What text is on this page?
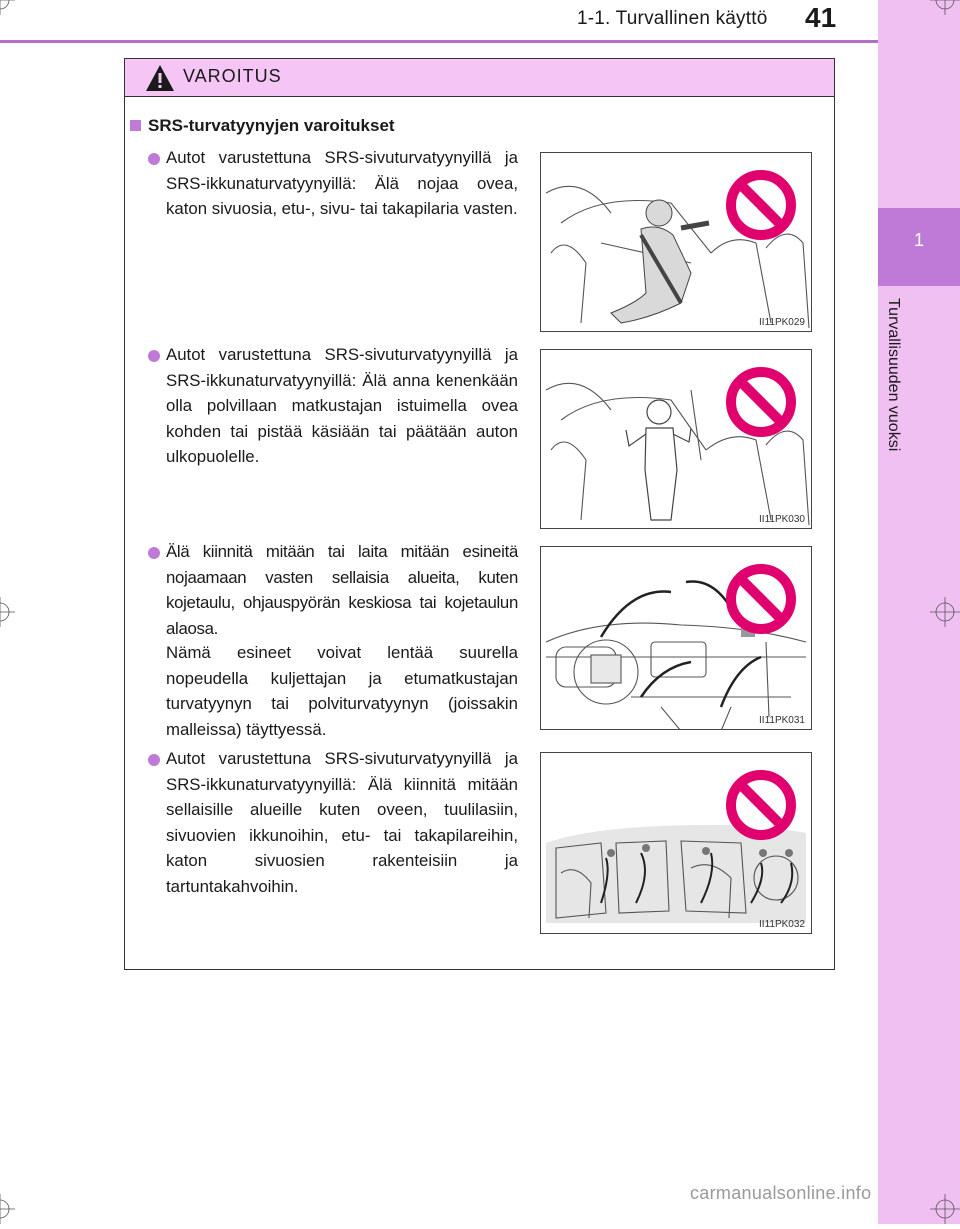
1
Turvallisuuden vuoksi
1-1. Turvallinen käyttö 41
VAROITUS
SRS-turvatyynyjen varoitukset
Autot varustettuna SRS-sivuturvatyynyillä ja SRS-ikkunaturvatyynyillä: Älä nojaa ovea, katon sivuosia, etu-, sivu- tai takapilaria vasten.
Autot varustettuna SRS-sivuturvatyynyillä ja SRS-ikkunaturvatyynyillä: Älä anna kenenkään olla polvillaan matkustajan istuimella ovea kohden tai pistää käsiään tai päätään auton ulkopuolelle.
Älä kiinnitä mitään tai laita mitään esineitä nojaamaan vasten sellaisia alueita, kuten kojetaulu, ohjauspyörän keskiosa tai kojetaulun alaosa.
Nämä esineet voivat lentää suurella nopeudella kuljettajan ja etumatkustajan turvatyynyn tai polviturvatyynyn (joissakin malleissa) täyttyessä.
Autot varustettuna SRS-sivuturvatyynyillä ja SRS-ikkunaturvatyynyillä: Älä kiinnitä mitään sellaisille alueille kuten oveen, tuulilasiin, sivuovien ikkunoihin, etu- tai takapilareihin, katon sivuosien rakenteisiin ja tartuntakahvoihin.
II11PK029
II11PK030
II11PK031
II11PK032
carmanualsonline.info
